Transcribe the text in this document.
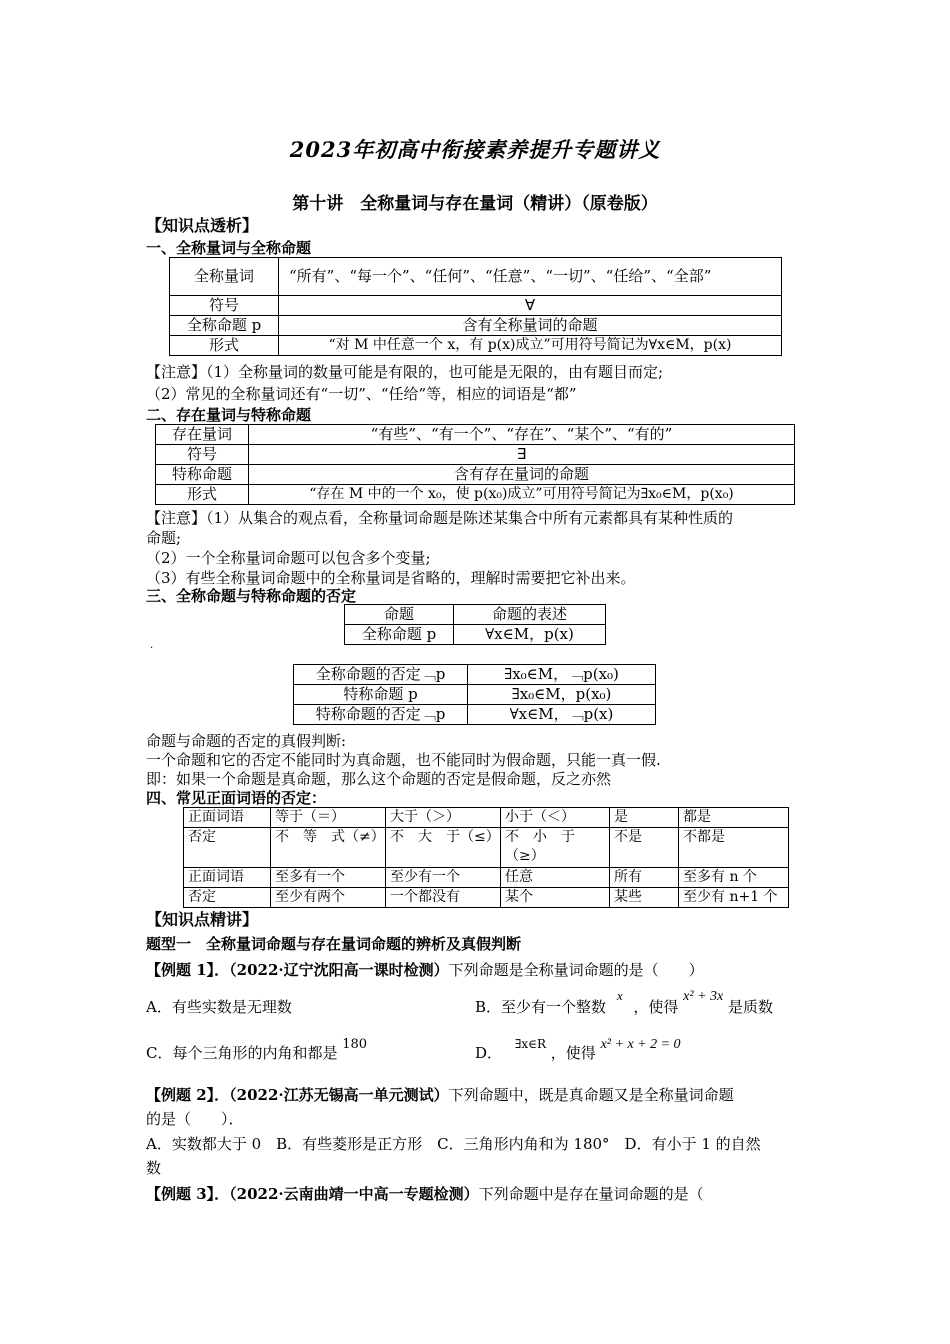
2023年初高中衔接素养提升专题讲义
第十讲　全称量词与存在量词（精讲）（原卷版）
【知识点透析】
一、全称量词与全称命题
全称量词	“所有”、“每一个”、“任何”、“任意”、“一切”、“任给”、“全部”
符号	∀
全称命题 p	含有全称量词的命题
形式	“对 M 中任意一个 x，有 p(x)成立”可用符号简记为∀x∈M，p(x)
【注意】（1）全称量词的数量可能是有限的，也可能是无限的，由有题目而定;
（2）常见的全称量词还有“一切”、“任给”等，相应的词语是“都”
二、存在量词与特称命题
存在量词	“有些”、“有一个”、“存在”、“某个”、“有的”
符号	∃
特称命题	含有存在量词的命题
形式	“存在 M 中的一个 x₀，使 p(x₀)成立”可用符号简记为∃x₀∈M，p(x₀)
【注意】（1）从集合的观点看，全称量词命题是陈述某集合中所有元素都具有某种性质的
命题;
（2）一个全称量词命题可以包含多个变量;
（3）有些全称量词命题中的全称量词是省略的，理解时需要把它补出来。
三、全称命题与特称命题的否定
命题	命题的表述
全称命题 p	∀x∈M，p(x)
.
全称命题的否定﹁p	∃x₀∈M，﹁p(x₀)
特称命题 p	∃x₀∈M，p(x₀)
特称命题的否定﹁p	∀x∈M，﹁p(x)
命题与命题的否定的真假判断:
一个命题和它的否定不能同时为真命题，也不能同时为假命题，只能一真一假.
即：如果一个命题是真命题，那么这个命题的否定是假命题，反之亦然
四、常见正面词语的否定：
正面词语	等于（＝）	大于（＞）	小于（＜）	是	都是
否定	不　等　式（≠）	不　大　于（≤）	不　小　于（≥）	不是	不都是
正面词语	至多有一个	至少有一个	任意	所有	至多有 n 个
否定	至少有两个	一个都没有	某个	某些	至少有 n+1 个
【知识点精讲】
题型一　全称量词命题与存在量词命题的辨析及真假判断
【例题 1】．（2022·辽宁沈阳高一课时检测）下列命题是全称量词命题的是（　　）
A．有些实数是无理数	B．至少有一个整数 x ，使得 x² + 3x 是质数
C．每个三角形的内角和都是 180	D． $^{\exists x\in R}$ ，使得 x² + x + 2 = 0
【例题 2】．（2022·江苏无锡高一单元测试）下列命题中，既是真命题又是全称量词命题
的是（　　）．
A．实数都大于 0　B．有些菱形是正方形　C．三角形内角和为 180°　D．有小于 1 的自然
数
【例题 3】．（2022·云南曲靖一中高一专题检测）下列命题中是存在量词命题的是（
